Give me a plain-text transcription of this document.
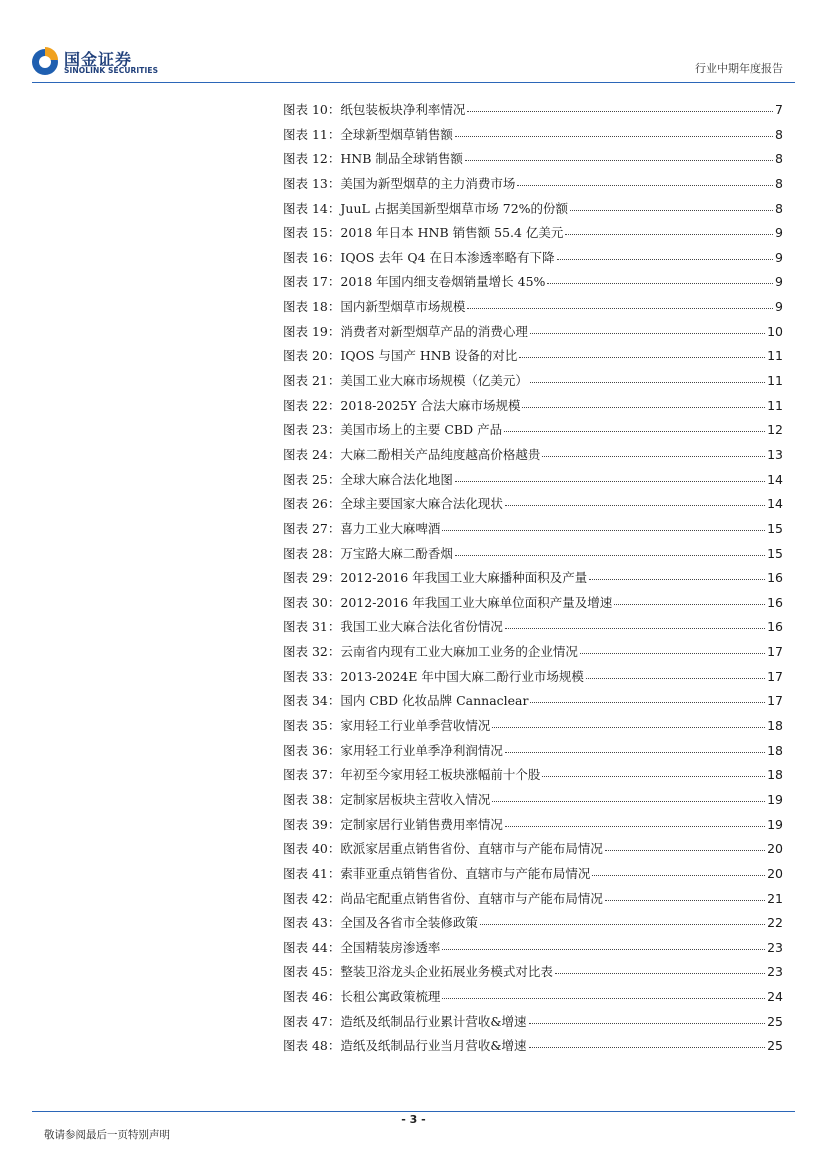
国金证券
SINOLINK SECURITIES	行业中期年度报告
图表 10： 纸包装板块净利率情况	7
图表 11： 全球新型烟草销售额	8
图表 12： HNB 制品全球销售额	8
图表 13： 美国为新型烟草的主力消费市场	8
图表 14： JuuL 占据美国新型烟草市场 72%的份额	8
图表 15： 2018 年日本 HNB 销售额 55.4 亿美元	9
图表 16： IQOS 去年 Q4 在日本渗透率略有下降	9
图表 17： 2018 年国内细支卷烟销量增长 45%	9
图表 18： 国内新型烟草市场规模	9
图表 19： 消费者对新型烟草产品的消费心理	10
图表 20： IQOS 与国产 HNB 设备的对比	11
图表 21： 美国工业大麻市场规模（亿美元）	11
图表 22： 2018-2025Y 合法大麻市场规模	11
图表 23： 美国市场上的主要 CBD 产品	12
图表 24： 大麻二酚相关产品纯度越高价格越贵	13
图表 25： 全球大麻合法化地图	14
图表 26： 全球主要国家大麻合法化现状	14
图表 27： 喜力工业大麻啤酒	15
图表 28： 万宝路大麻二酚香烟	15
图表 29： 2012-2016 年我国工业大麻播种面积及产量	16
图表 30： 2012-2016 年我国工业大麻单位面积产量及增速	16
图表 31： 我国工业大麻合法化省份情况	16
图表 32： 云南省内现有工业大麻加工业务的企业情况	17
图表 33： 2013-2024E 年中国大麻二酚行业市场规模	17
图表 34： 国内 CBD 化妆品牌 Cannaclear	17
图表 35： 家用轻工行业单季营收情况	18
图表 36： 家用轻工行业单季净利润情况	18
图表 37： 年初至今家用轻工板块涨幅前十个股	18
图表 38： 定制家居板块主营收入情况	19
图表 39： 定制家居行业销售费用率情况	19
图表 40： 欧派家居重点销售省份、直辖市与产能布局情况	20
图表 41： 索菲亚重点销售省份、直辖市与产能布局情况	20
图表 42： 尚品宅配重点销售省份、直辖市与产能布局情况	21
图表 43： 全国及各省市全装修政策	22
图表 44： 全国精装房渗透率	23
图表 45： 整装卫浴龙头企业拓展业务模式对比表	23
图表 46： 长租公寓政策梳理	24
图表 47： 造纸及纸制品行业累计营收&增速	25
图表 48： 造纸及纸制品行业当月营收&增速	25
- 3 -
敬请参阅最后一页特别声明
